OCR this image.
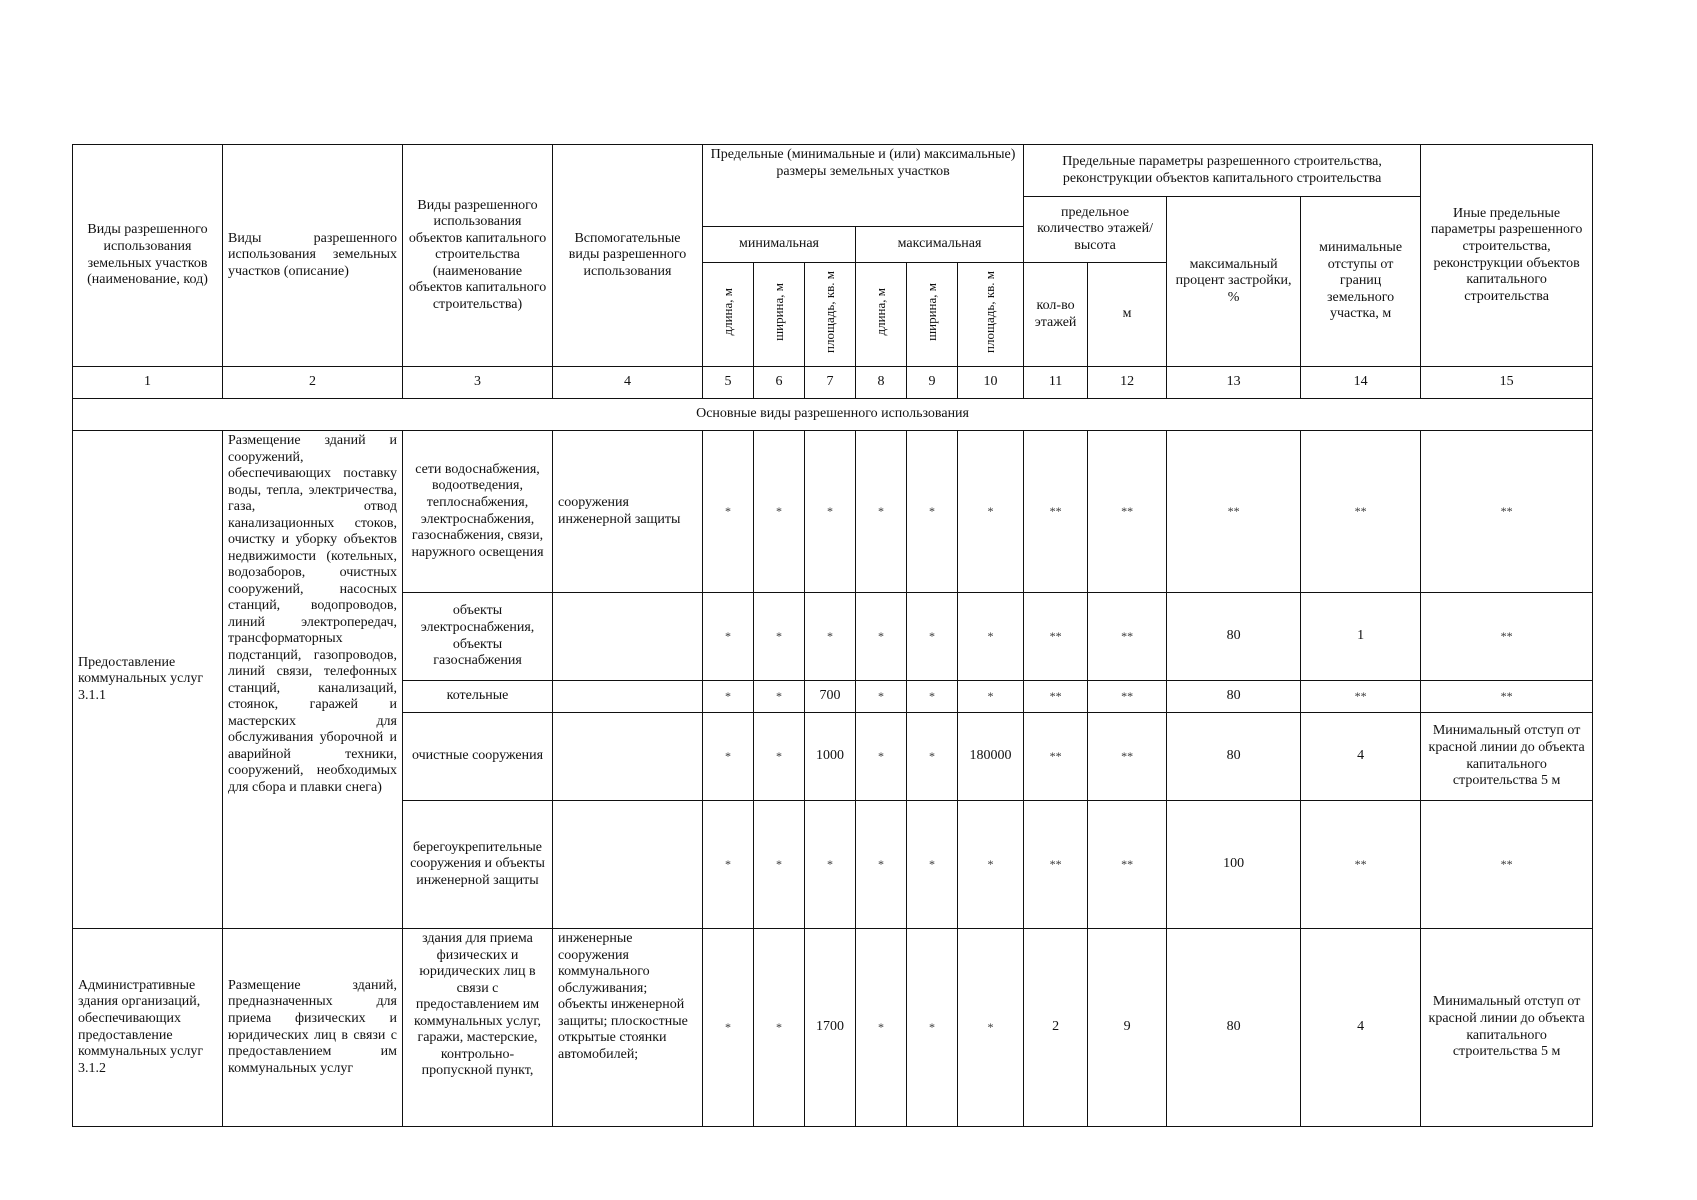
Виды разрешенного использования земельных участков (наименование, код)	Виды разрешенного использования земельных участков (описание)	Виды разрешенного использования объектов капитального строительства (наименование объектов капитального строительства)	Вспомогательные виды разрешенного использования	Предельные (минимальные и (или) максимальные) размеры земельных участков						Предельные параметры разрешенного строительства, реконструкции объектов капитального строительства				Иные предельные параметры разрешенного строительства, реконструкции объектов капитального строительства
										предельное количество этажей/высота		максимальный процент застройки, %	минимальные отступы от границ земельного участка, м	
				минимальная			максимальная							
				длина, м	ширина, м	площадь, кв. м	длина, м	ширина, м	площадь, кв. м	кол-во этажей	м			
1	2	3	4	5	6	7	8	9	10	11	12	13	14	15
Основные виды разрешенного использования														
Предоставление коммунальных услуг 3.1.1	Размещение зданий и сооружений, обеспечивающих поставку воды, тепла, электричества, газа, отвод канализационных стоков, очистку и уборку объектов недвижимости (котельных, водозаборов, очистных сооружений, насосных станций, водопроводов, линий электропередач, трансформаторных подстанций, газопроводов, линий связи, телефонных станций, канализаций, стоянок, гаражей и мастерских для обслуживания уборочной и аварийной техники, сооружений, необходимых для сбора и плавки снега)	сети водоснабжения, водоотведения, теплоснабжения, электроснабжения, газоснабжения, связи, наружного освещения	сооружения инженерной защиты	*	*	*	*	*	*	**	**	**	**	**
		объекты электроснабжения, объекты газоснабжения		*	*	*	*	*	*	**	**	80	1	**
		котельные		*	*	700	*	*	*	**	**	80	**	**
		очистные сооружения		*	*	1000	*	*	180000	**	**	80	4	Минимальный отступ от красной линии до объекта капитального строительства 5 м
		берегоукрепительные сооружения и объекты инженерной защиты		*	*	*	*	*	*	**	**	100	**	**
Административные здания организаций, обеспечивающих предоставление коммунальных услуг 3.1.2	Размещение зданий, предназначенных для приема физических и юридических лиц в связи с предоставлением им коммунальных услуг	здания для приема физических и юридических лиц в связи с предоставлением им коммунальных услуг, гаражи, мастерские, контрольно-пропускной пункт,	инженерные сооружения коммунального обслуживания; объекты инженерной защиты; плоскостные открытые стоянки автомобилей;	*	*	1700	*	*	*	2	9	80	4	Минимальный отступ от красной линии до объекта капитального строительства 5 м
